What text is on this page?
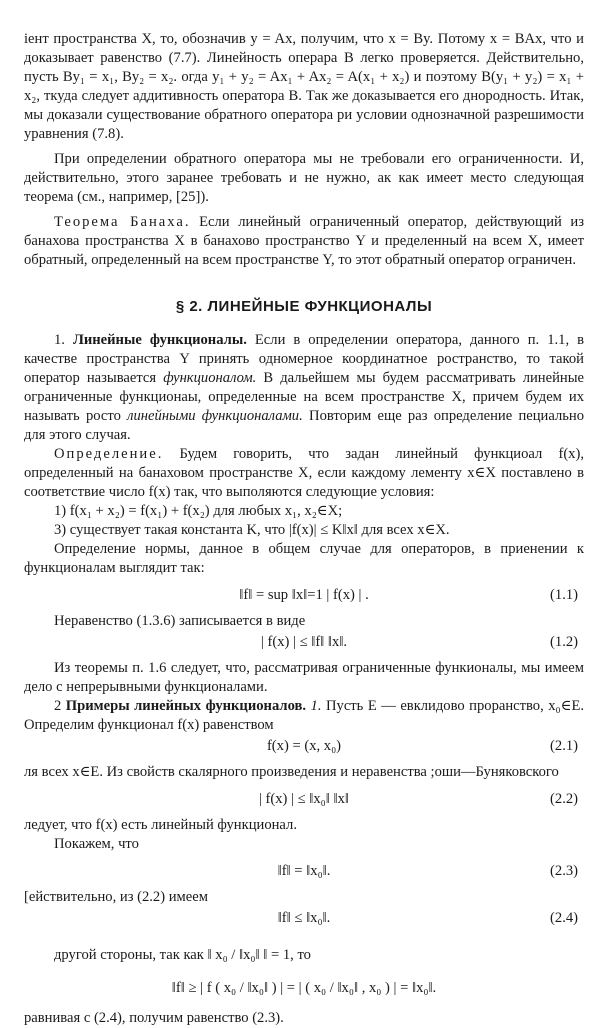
іент пространства X, то, обозначив y = Ax, получим, что x = By. Потому x = BAx, что и доказывает равенство (7.7). Линейность операра B легко проверяется. Действительно, пусть By₁ = x₁, By₂ = x₂. огда y₁ + y₂ = Ax₁ + Ax₂ = A(x₁ + x₂) и поэтому B(y₁ + y₂) = x₁ + x₂, ткуда следует аддитивность оператора B. Так же доказывается его днородность. Итак, мы доказали существование обратного оператора ри условии однозначной разрешимости уравнения (7.8).

При определении обратного оператора мы не требовали его ограниченности. И, действительно, этого заранее требовать и не нужно, ак как имеет место следующая теорема (см., например, [25]).

Теорема Банаха. Если линейный ограниченный оператор, действующий из банахова пространства X в банахово пространство Y и пределенный на всем X, имеет обратный, определенный на всем пространстве Y, то этот обратный оператор ограничен.

§ 2. ЛИНЕЙНЫЕ ФУНКЦИОНАЛЫ

1. Линейные функционалы. Если в определении оператора, данного п. 1.1, в качестве пространства Y принять одномерное координатное ространство, то такой оператор называется функционалом. В дальейшем мы будем рассматривать линейные ограниченные функционаы, определенные на всем пространстве X, причем будем их называть росто линейными функционалами. Повторим еще раз определение пециально для этого случая.

Определение. Будем говорить, что задан линейный функциоал f(x), определенный на банаховом пространстве X, если каждому лементу x∈X поставлено в соответствие число f(x) так, что выполяются следующие условия:

1) f(x₁ + x₂) = f(x₁) + f(x₂) для любых x₁, x₂∈X;

3) существует такая константа K, что |f(x)| ≤ K‖x‖ для всех x∈X.

Определение нормы, данное в общем случае для операторов, в приенении к функционалам выглядит так:

‖f‖ = sup ‖x‖=1 | f(x) | .	(1.1)

Неравенство (1.3.6) записывается в виде

| f(x) | ≤ ‖f‖ ‖x‖.	(1.2)

Из теоремы п. 1.6 следует, что, рассматривая ограниченные функионалы, мы имеем дело с непрерывными функционалами.

2 Примеры линейных функционалов. 1. Пусть E — евклидово проранство, x₀∈E. Определим функционал f(x) равенством

f(x) = (x, x₀)	(2.1)

ля всех x∈E. Из свойств скалярного произведения и неравенства ;оши—Буняковского

| f(x) | ≤ ‖x₀‖ ‖x‖	(2.2)

ледует, что f(x) есть линейный функционал.

Покажем, что

‖f‖ = ‖x₀‖.	(2.3)

[ействительно, из (2.2) имеем

‖f‖ ≤ ‖x₀‖.	(2.4)

другой стороны, так как ‖ x₀ / ‖x₀‖ ‖ = 1, то

‖f‖ ≥ | f ( x₀ / ‖x₀‖ ) | = | ( x₀ / ‖x₀‖ , x₀ ) | = ‖x₀‖.

равнивая с (2.4), получим равенство (2.3).
